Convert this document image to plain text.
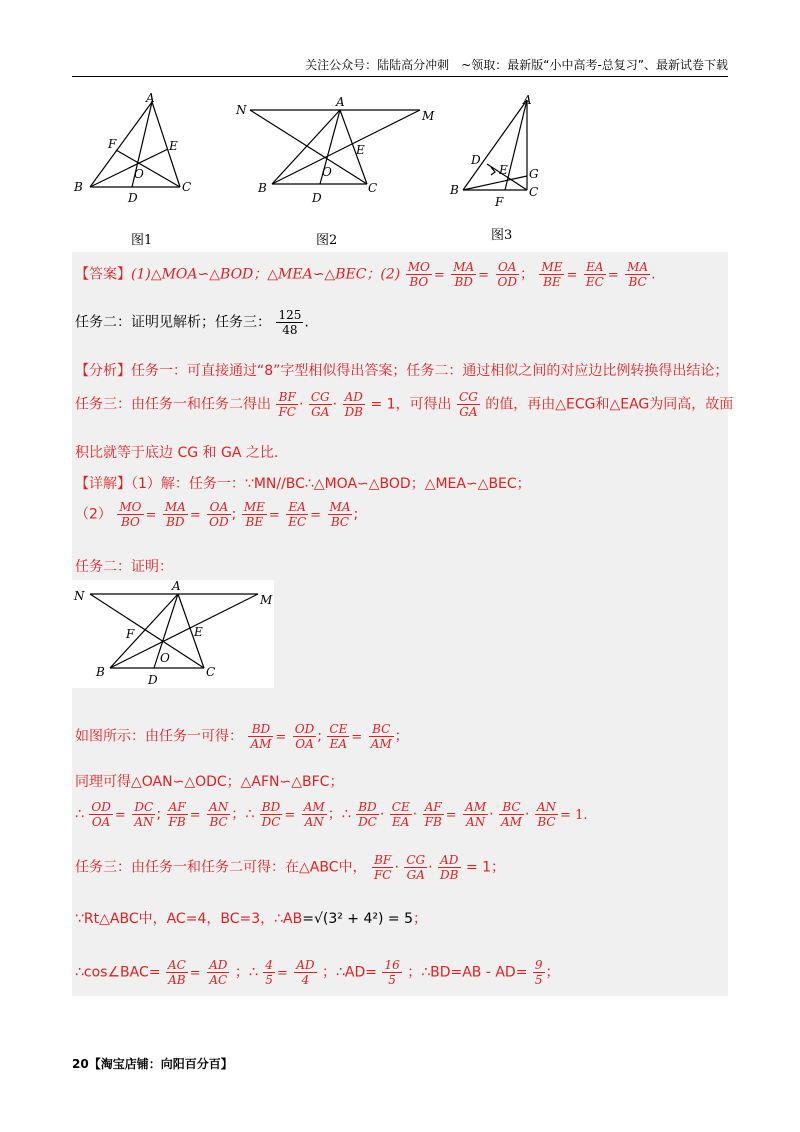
关注公众号：陆陆高分冲刺　~领取：最新版“小中高考-总复习”、最新试卷下载
A
B	C
D
E
F
O
图1
N
A
M
E
B	C
D
O
图2
A
D
E G
B	C
F
图3
【答案】(1)△MOA∽△BOD；△MEA∽△BEC；$(2) \frac{MO}{BO} = \frac{MA}{BD} = \frac{OA}{OD}$ ； $\frac{ME}{BE} = \frac{EA}{EC} = \frac{MA}{BC}$ .
任务二：证明见解析；任务三： $\frac{125}{48}$ .
【分析】任务一：可直接通过“8”字型相似得出答案；任务二：通过相似之间的对应边比例转换得出结论；
任务三：由任务一和任务二得出 $\frac{BF}{FC} \cdot \frac{CG}{GA} \cdot \frac{AD}{DB} = 1$，可得出 $\frac{CG}{GA}$ 的值，再由△ECG和△EAG为同高，故面
积比就等于底边 CG 和 GA 之比.
【详解】（1）解：任务一：∵MN//BC∴△MOA∽△BOD；△MEA∽△BEC；
$(2) \frac{MO}{BO} = \frac{MA}{BD} = \frac{OA}{OD}$ ; $\frac{ME}{BE} = \frac{EA}{EC} = \frac{MA}{BC}$ ;
任务二：证明：
N
A
M
F	E
O
B	C
D
如图所示：由任务一可得： $\frac{BD}{AM} = \frac{OD}{OA}$ ; $\frac{CE}{EA} = \frac{BC}{AM}$ ；
同理可得△OAN∽△ODC；△AFN∽△BFC；
∴ $\frac{OD}{OA} = \frac{DC}{AN}$ ; $\frac{AF}{FB} = \frac{AN}{BC}$ ；∴ $\frac{BD}{DC} = \frac{AM}{AN}$ ；∴ $\frac{BD}{DC} \cdot \frac{CE}{EA} \cdot \frac{AF}{FB} = \frac{AM}{AN} \cdot \frac{BC}{AM} \cdot \frac{AN}{BC} = 1$.
任务三：由任务一和任务二可得：在△ABC中， $\frac{BF}{FC} \cdot \frac{CG}{GA} \cdot \frac{AD}{DB} = 1$；
∵Rt△ABC中，AC=4，BC=3，∴AB=√(3² + 4²) = 5；
∴cos∠BAC= $\frac{AC}{AB} = \frac{AD}{AC}$ ；∴ $\frac{4}{5} = \frac{AD}{4}$ ；∴AD= $\frac{16}{5}$ ；∴BD=AB - $AD= \frac{9}{5}$ ；
20【淘宝店铺：向阳百分百】
